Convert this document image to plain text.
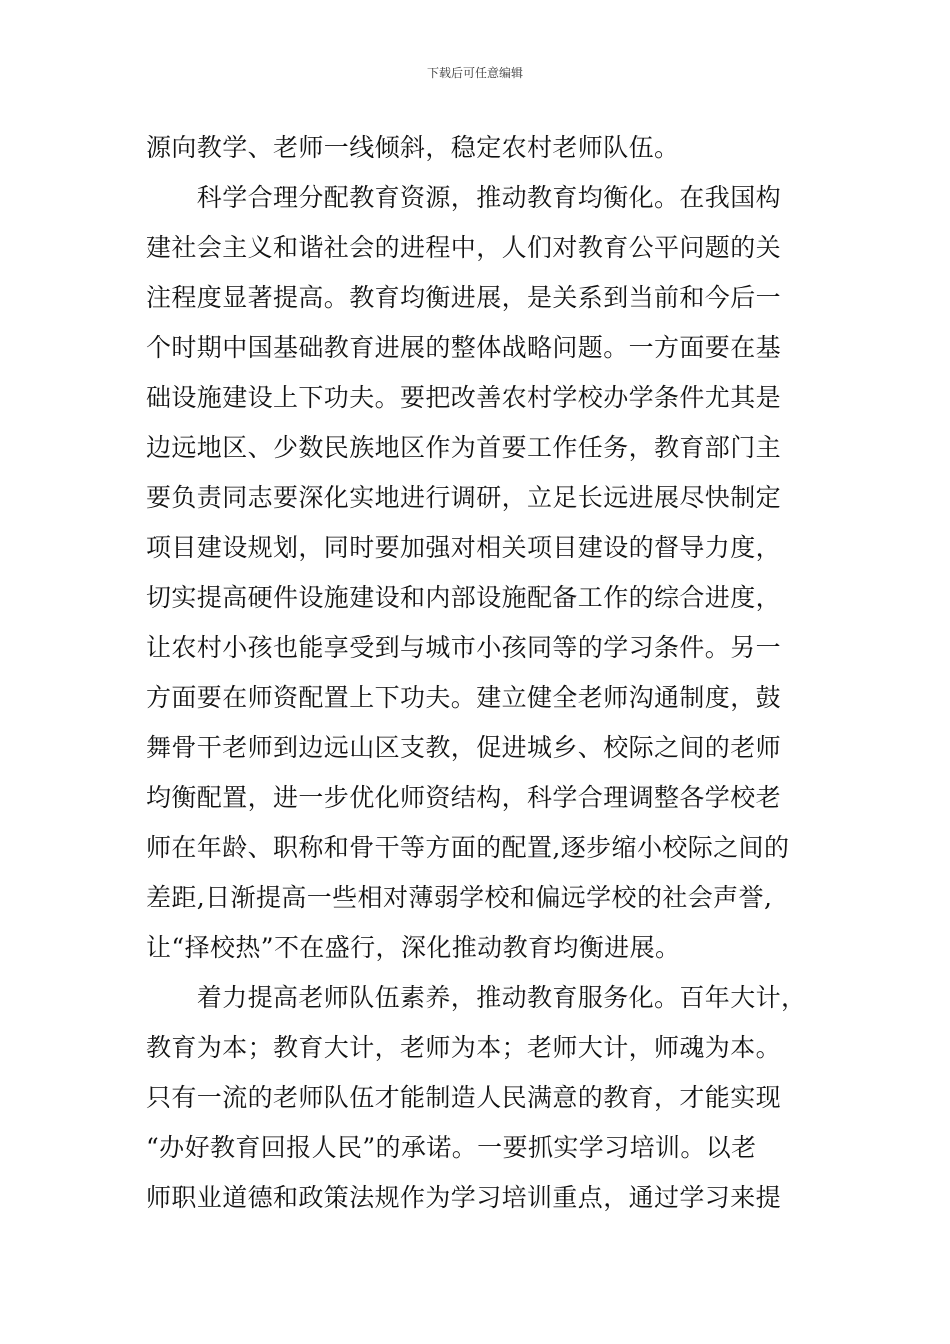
下载后可任意编辑
源向教学、老师一线倾斜，稳定农村老师队伍。
　　科学合理分配教育资源，推动教育均衡化。在我国构
建社会主义和谐社会的进程中，人们对教育公平问题的关
注程度显著提高。教育均衡进展，是关系到当前和今后一
个时期中国基础教育进展的整体战略问题。一方面要在基
础设施建设上下功夫。要把改善农村学校办学条件尤其是
边远地区、少数民族地区作为首要工作任务，教育部门主
要负责同志要深化实地进行调研，立足长远进展尽快制定
项目建设规划，同时要加强对相关项目建设的督导力度，
切实提高硬件设施建设和内部设施配备工作的综合进度，
让农村小孩也能享受到与城市小孩同等的学习条件。另一
方面要在师资配置上下功夫。建立健全老师沟通制度，鼓
舞骨干老师到边远山区支教，促进城乡、校际之间的老师
均衡配置，进一步优化师资结构，科学合理调整各学校老
师在年龄、职称和骨干等方面的配置,逐步缩小校际之间的
差距,日渐提高一些相对薄弱学校和偏远学校的社会声誉,
让“择校热”不在盛行，深化推动教育均衡进展。
　　着力提高老师队伍素养，推动教育服务化。百年大计，
教育为本；教育大计，老师为本；老师大计，师魂为本。
只有一流的老师队伍才能制造人民满意的教育，才能实现
“办好教育回报人民”的承诺。一要抓实学习培训。以老
师职业道德和政策法规作为学习培训重点，通过学习来提
